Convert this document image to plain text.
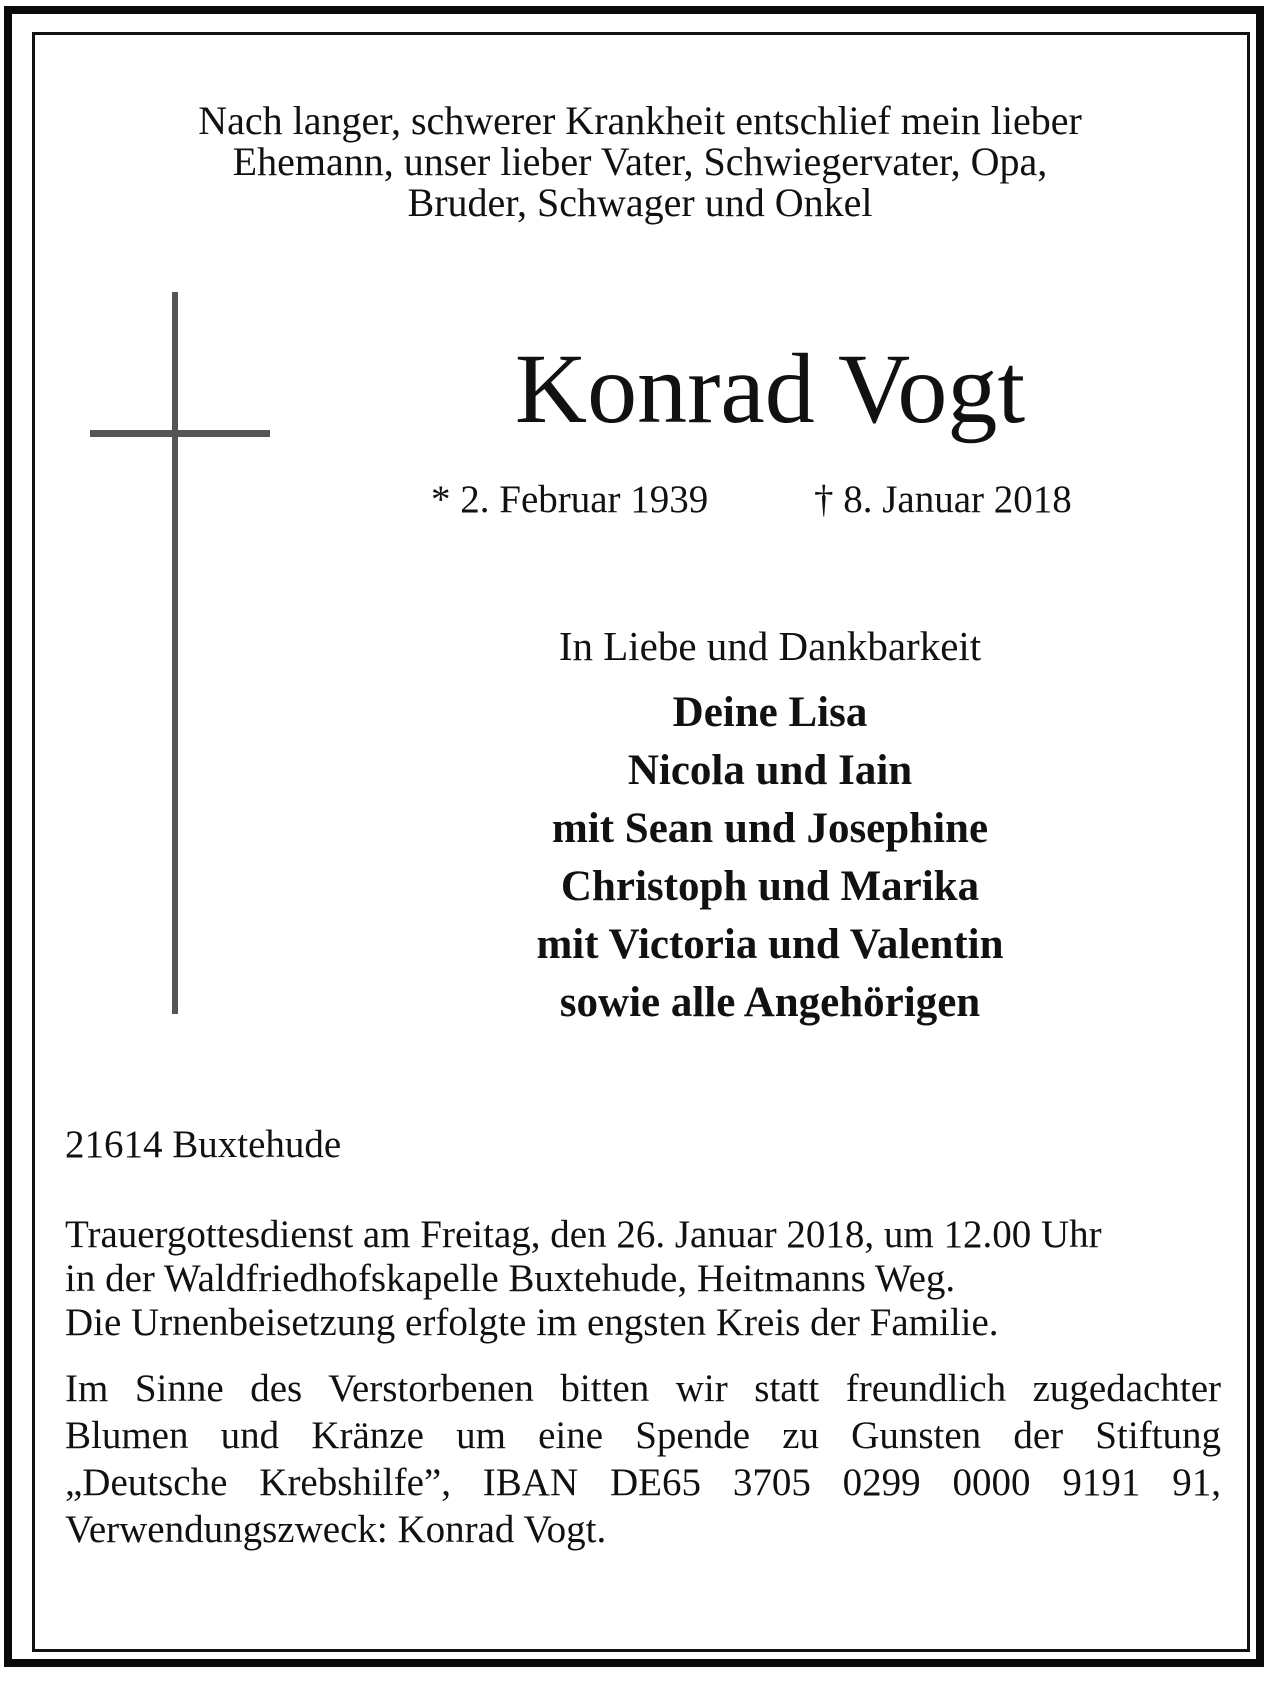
Nach langer, schwerer Krankheit entschlief mein lieber
Ehemann, unser lieber Vater, Schwiegervater, Opa,
Bruder, Schwager und Onkel
Konrad Vogt
* 2. Februar 1939	† 8. Januar 2018
In Liebe und Dankbarkeit
Deine Lisa
Nicola und Iain
mit Sean und Josephine
Christoph und Marika
mit Victoria und Valentin
sowie alle Angehörigen
21614 Buxtehude
Trauergottesdienst am Freitag, den 26. Januar 2018, um 12.00 Uhr
in der Waldfriedhofskapelle Buxtehude, Heitmanns Weg.
Die Urnenbeisetzung erfolgte im engsten Kreis der Familie.
Im Sinne des Verstorbenen bitten wir statt freundlich zugedachter
Blumen und Kränze um eine Spende zu Gunsten der Stiftung
„Deutsche Krebshilfe”, IBAN DE65 3705 0299 0000 9191 91,
Verwendungszweck: Konrad Vogt.
